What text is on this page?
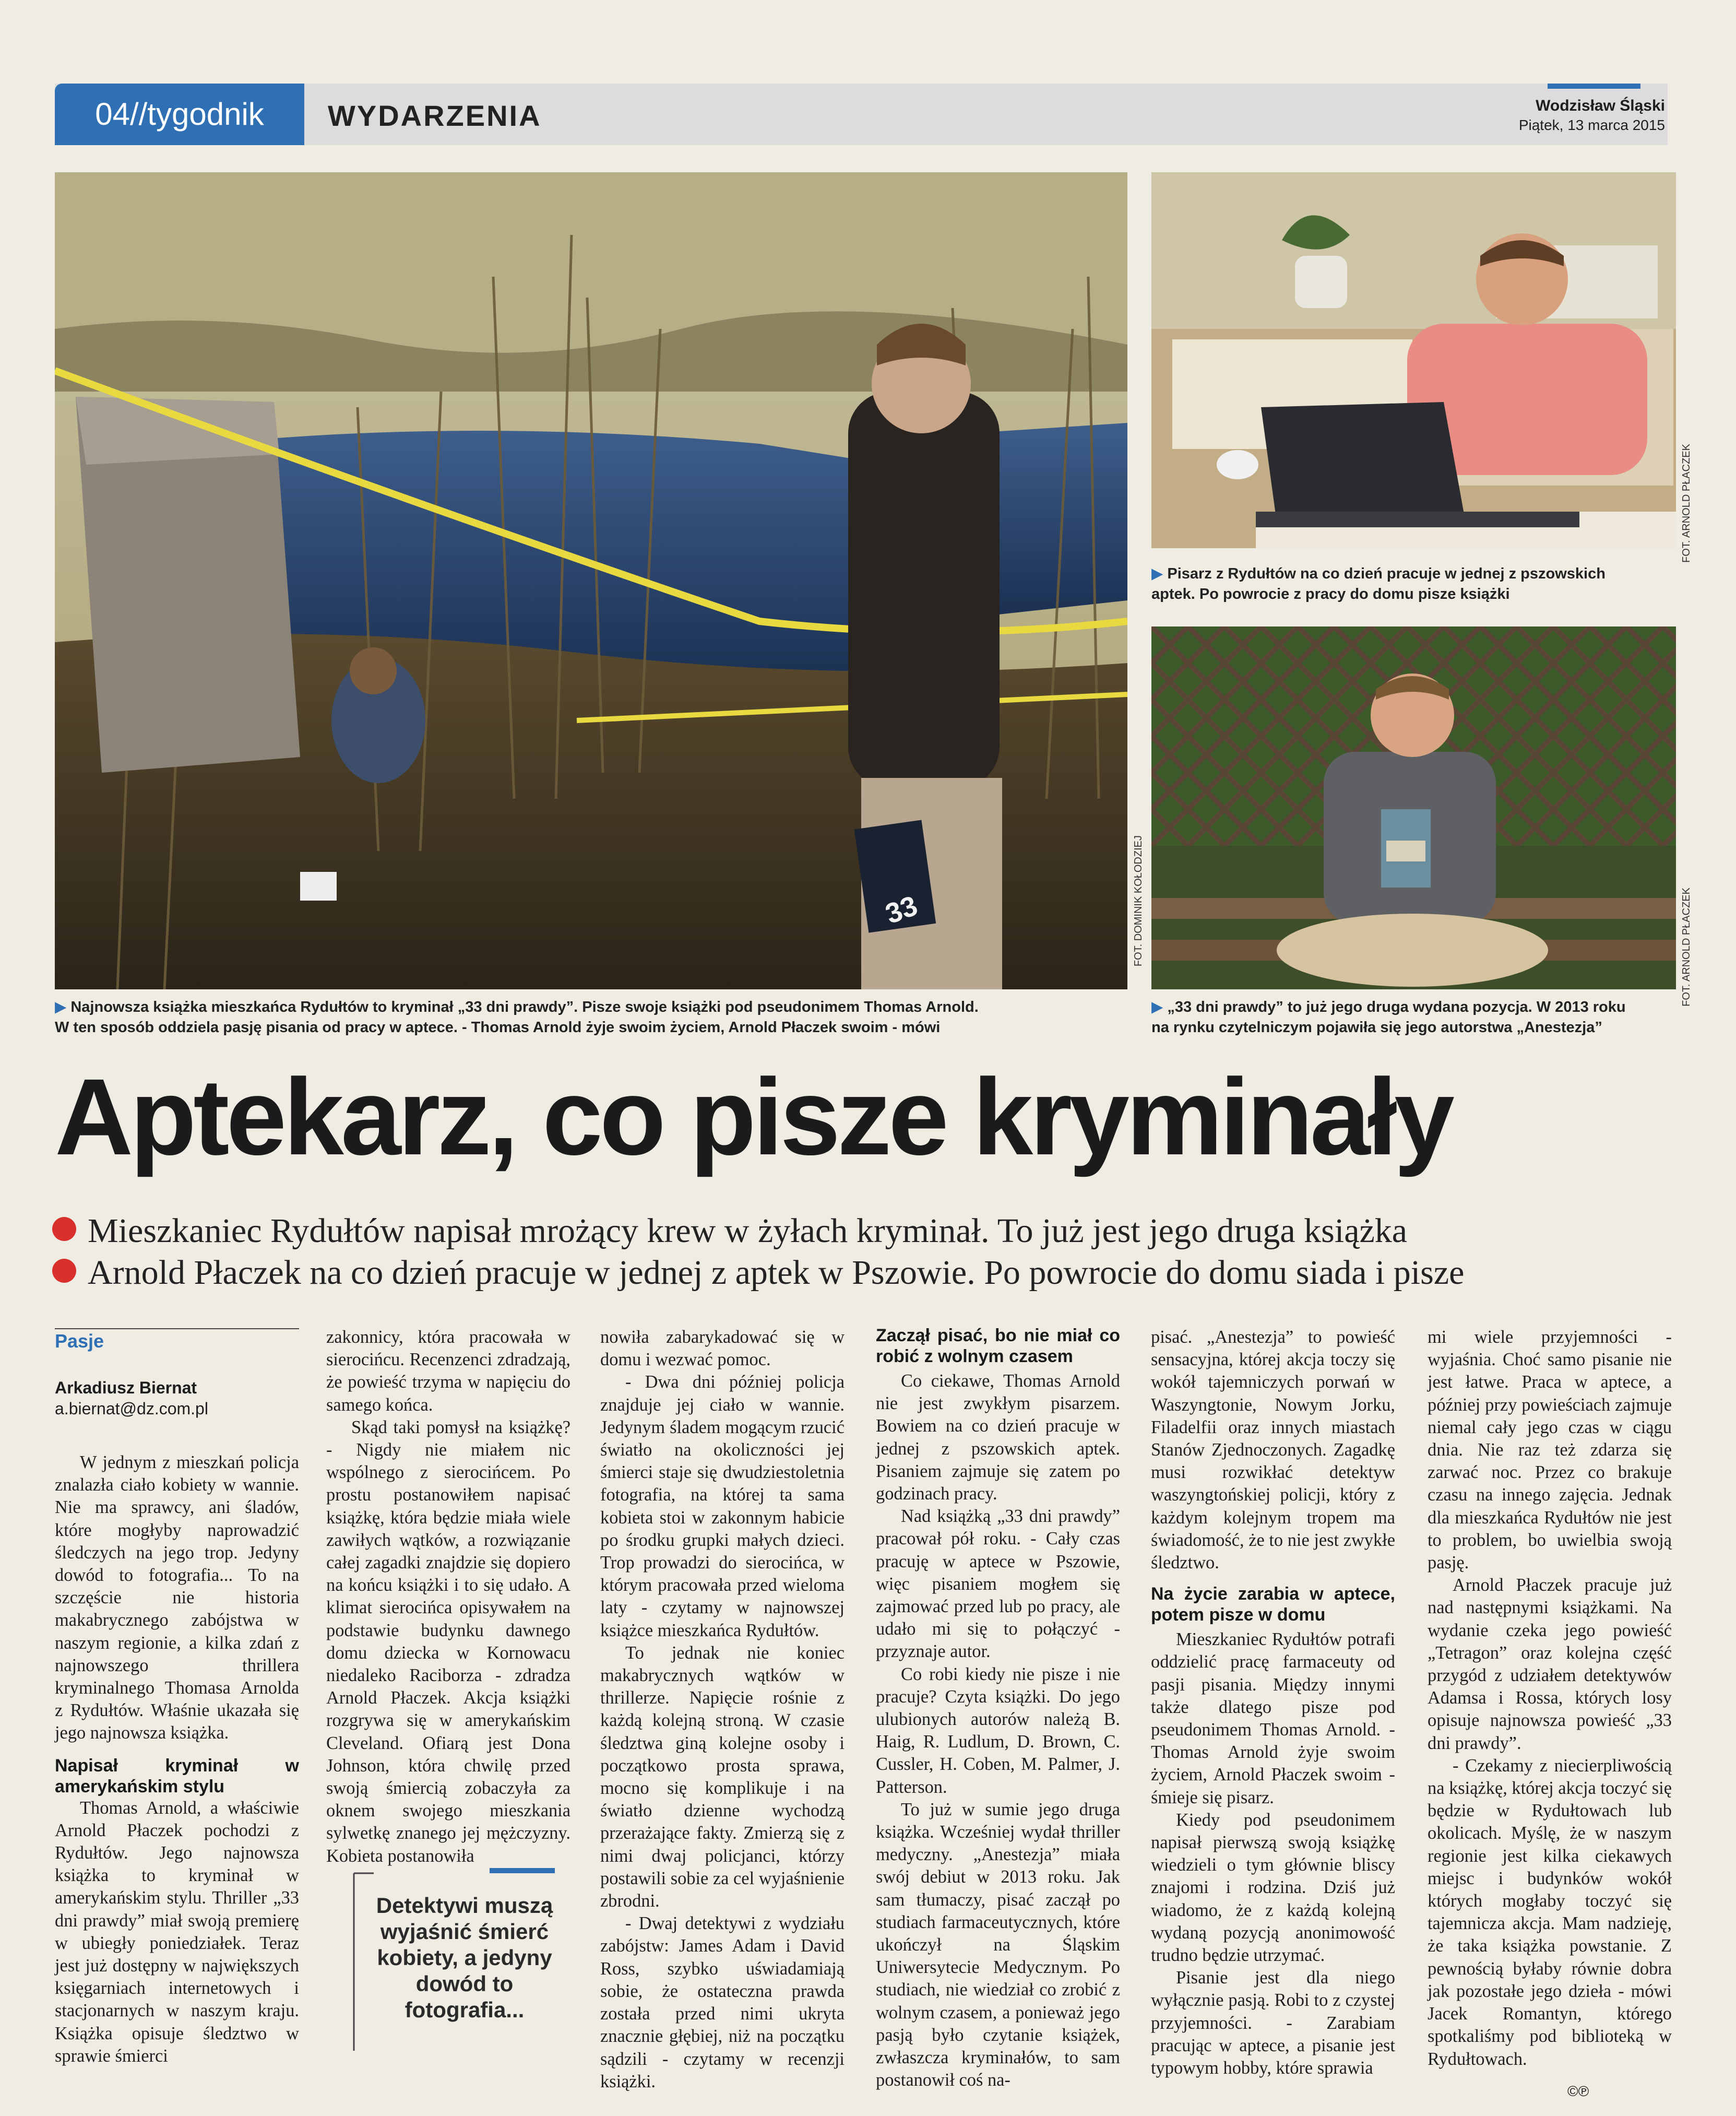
04//tygodnik	WYDARZENIA	Wodzisław Śląski
Piątek, 13 marca 2015
33	FOT. DOMINIK KOŁODZIEJ
▶ Najnowsza książka mieszkańca Rydułtów to kryminał „33 dni prawdy”. Pisze swoje książki pod pseudonimem Thomas Arnold.
W ten sposób oddziela pasję pisania od pracy w aptece. - Thomas Arnold żyje swoim życiem, Arnold Płaczek swoim - mówi
FOT. ARNOLD PŁACZEK
▶ Pisarz z Rydułtów na co dzień pracuje w jednej z pszowskich
aptek. Po powrocie z pracy do domu pisze książki
FOT. ARNOLD PŁACZEK
▶ „33 dni prawdy” to już jego druga wydana pozycja. W 2013 roku
na rynku czytelniczym pojawiła się jego autorstwa „Anestezja”
Aptekarz, co pisze kryminały
Mieszkaniec Rydułtów napisał mrożący krew w żyłach kryminał. To już jest jego druga książka
Arnold Płaczek na co dzień pracuje w jednej z aptek w Pszowie. Po powrocie do domu siada i pisze
Pasje
Arkadiusz Biernat
a.biernat@dz.com.pl

W jednym z mieszkań policja znalazła ciało kobiety w wannie. Nie ma sprawcy, ani śladów, które mogłyby naprowadzić śledczych na jego trop. Jedyny dowód to fotografia... To na szczęście nie historia makabrycznego zabójstwa w naszym regionie, a kilka zdań z najnowszego thrillera kryminalnego Thomasa Arnolda z Rydułtów. Właśnie ukazała się jego najnowsza książka.

Napisał kryminał w amerykańskim stylu

Thomas Arnold, a właściwie Arnold Płaczek pochodzi z Rydułtów. Jego najnowsza książka to kryminał w amerykańskim stylu. Thriller „33 dni prawdy” miał swoją premierę w ubiegły poniedziałek. Teraz jest już dostępny w największych księgarniach internetowych i stacjonarnych w naszym kraju. Książka opisuje śledztwo w sprawie śmierci

zakonnicy, która pracowała w sierocińcu. Recenzenci zdradzają, że powieść trzyma w napięciu do samego końca.

Skąd taki pomysł na książkę? - Nigdy nie miałem nic wspólnego z sierocińcem. Po prostu postanowiłem napisać książkę, która będzie miała wiele zawiłych wątków, a rozwiązanie całej zagadki znajdzie się dopiero na końcu książki i to się udało. A klimat sierocińca opisywałem na podstawie budynku dawnego domu dziecka w Kornowacu niedaleko Raciborza - zdradza Arnold Płaczek. Akcja książki rozgrywa się w amerykańskim Cleveland. Ofiarą jest Dona Johnson, która chwilę przed swoją śmiercią zobaczyła za oknem swojego mieszkania sylwetkę znanego jej mężczyzny. Kobieta postanowiła

Detektywi muszą wyjaśnić śmierć kobiety, a jedyny dowód to fotografia...

nowiła zabarykadować się w domu i wezwać pomoc.

- Dwa dni później policja znajduje jej ciało w wannie. Jedynym śladem mogącym rzucić światło na okoliczności jej śmierci staje się dwudziestoletnia fotografia, na której ta sama kobieta stoi w zakonnym habicie po środku grupki małych dzieci. Trop prowadzi do sierocińca, w którym pracowała przed wieloma laty - czytamy w najnowszej książce mieszkańca Rydułtów.

To jednak nie koniec makabrycznych wątków w thrillerze. Napięcie rośnie z każdą kolejną stroną. W czasie śledztwa giną kolejne osoby i początkowo prosta sprawa, mocno się komplikuje i na światło dzienne wychodzą przerażające fakty. Zmierzą się z nimi dwaj policjanci, którzy postawili sobie za cel wyjaśnienie zbrodni.

- Dwaj detektywi z wydziału zabójstw: James Adam i David Ross, szybko uświadamiają sobie, że ostateczna prawda została przed nimi ukryta znacznie głębiej, niż na początku sądzili - czytamy w recenzji książki.

Zaczął pisać, bo nie miał co robić z wolnym czasem

Co ciekawe, Thomas Arnold nie jest zwykłym pisarzem. Bowiem na co dzień pracuje w jednej z pszowskich aptek. Pisaniem zajmuje się zatem po godzinach pracy.

Nad książką „33 dni prawdy” pracował pół roku. - Cały czas pracuję w aptece w Pszowie, więc pisaniem mogłem się zajmować przed lub po pracy, ale udało mi się to połączyć - przyznaje autor.

Co robi kiedy nie pisze i nie pracuje? Czyta książki. Do jego ulubionych autorów należą B. Haig, R. Ludlum, D. Brown, C. Cussler, H. Coben, M. Palmer, J. Patterson.

To już w sumie jego druga książka. Wcześniej wydał thriller medyczny. „Anestezja” miała swój debiut w 2013 roku. Jak sam tłumaczy, pisać zaczął po studiach farmaceutycznych, które ukończył na Śląskim Uniwersytecie Medycznym. Po studiach, nie wiedział co zrobić z wolnym czasem, a ponieważ jego pasją było czytanie książek, zwłaszcza kryminałów, to sam postanowił coś na-

pisać. „Anestezja” to powieść sensacyjna, której akcja toczy się wokół tajemniczych porwań w Waszyngtonie, Nowym Jorku, Filadelfii oraz innych miastach Stanów Zjednoczonych. Zagadkę musi rozwikłać detektyw waszyngtońskiej policji, który z każdym kolejnym tropem ma świadomość, że to nie jest zwykłe śledztwo.

Na życie zarabia w aptece, potem pisze w domu

Mieszkaniec Rydułtów potrafi oddzielić pracę farmaceuty od pasji pisania. Między innymi także dlatego pisze pod pseudonimem Thomas Arnold. - Thomas Arnold żyje swoim życiem, Arnold Płaczek swoim - śmieje się pisarz.

Kiedy pod pseudonimem napisał pierwszą swoją książkę wiedzieli o tym głównie bliscy znajomi i rodzina. Dziś już wiadomo, że z każdą kolejną wydaną pozycją anonimowość trudno będzie utrzymać.

Pisanie jest dla niego wyłącznie pasją. Robi to z czystej przyjemności. - Zarabiam pracując w aptece, a pisanie jest typowym hobby, które sprawia

mi wiele przyjemności - wyjaśnia. Choć samo pisanie nie jest łatwe. Praca w aptece, a później przy powieściach zajmuje niemal cały jego czas w ciągu dnia. Nie raz też zdarza się zarwać noc. Przez co brakuje czasu na innego zajęcia. Jednak dla mieszkańca Rydułtów nie jest to problem, bo uwielbia swoją pasję.

Arnold Płaczek pracuje już nad następnymi książkami. Na wydanie czeka jego powieść „Tetragon” oraz kolejna część przygód z udziałem detektywów Adamsa i Rossa, których losy opisuje najnowsza powieść „33 dni prawdy”.

- Czekamy z niecierpliwością na książkę, której akcja toczyć się będzie w Rydułtowach lub okolicach. Myślę, że w naszym regionie jest kilka ciekawych miejsc i budynków wokół których mogłaby toczyć się tajemnicza akcja. Mam nadzieję, że taka książka powstanie. Z pewnością byłaby równie dobra jak pozostałe jego dzieła - mówi Jacek Romantyn, którego spotkaliśmy pod biblioteką w Rydułtowach.

©℗
